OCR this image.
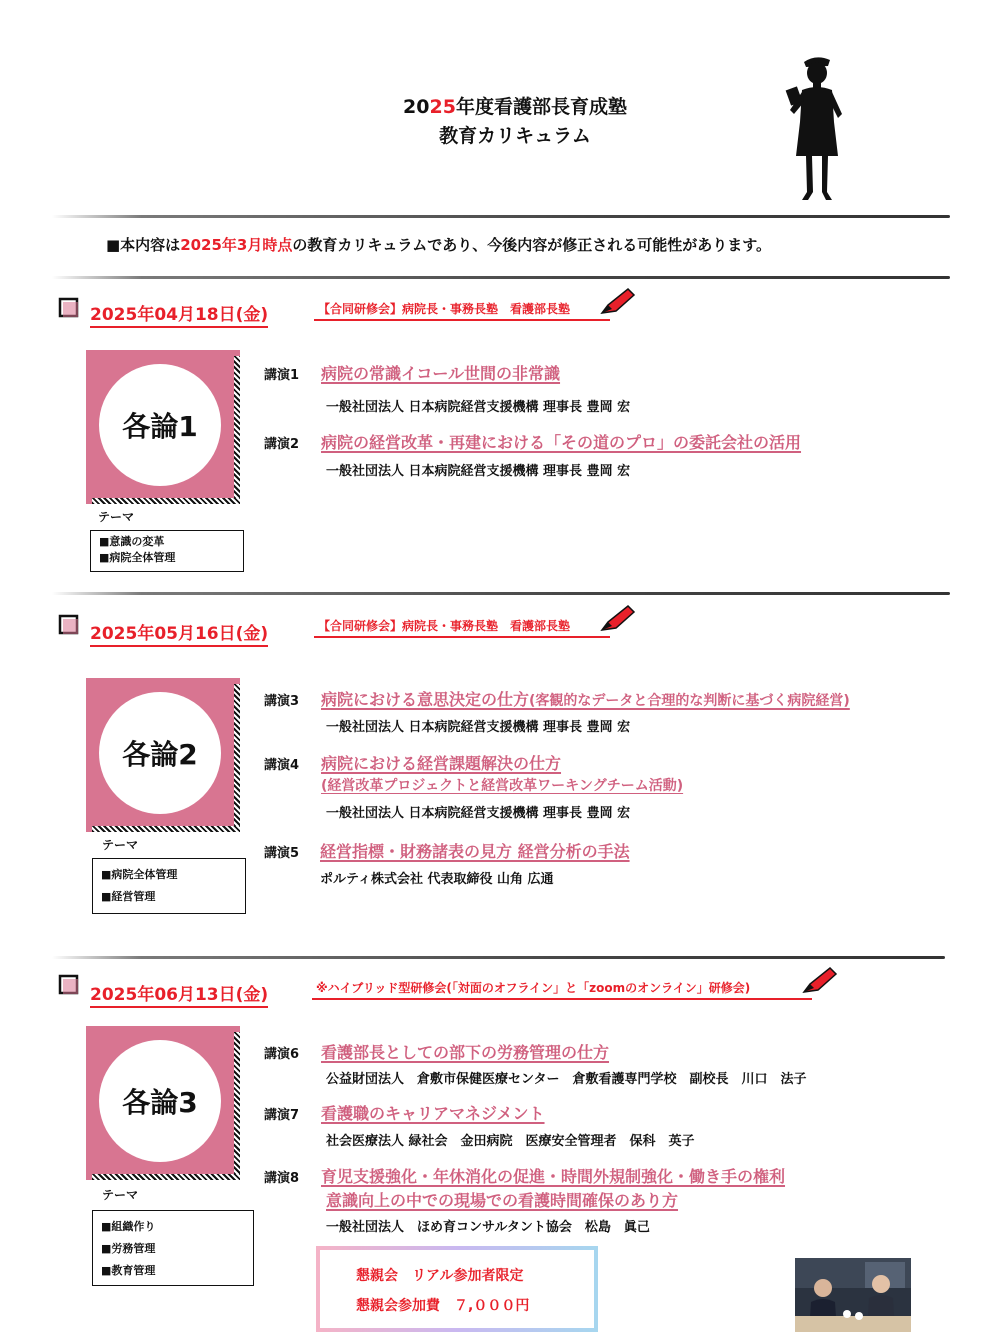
2025年度看護部長育成塾
教育カリキュラム
■本内容は2025年3月時点の教育カリキュラムであり、今後内容が修正される可能性があります。
2025年04月18日(金)	【合同研修会】病院長・事務長塾　看護部長塾
各論1
テーマ
■意識の変革
■病院全体管理
講演1 病院の常識イコール世間の非常識
一般社団法人 日本病院経営支援機構 理事長 豊岡 宏
講演2 病院の経営改革・再建における「その道のプロ」の委託会社の活用
一般社団法人 日本病院経営支援機構 理事長 豊岡 宏
2025年05月16日(金)	【合同研修会】病院長・事務長塾　看護部長塾
各論2
テーマ
■病院全体管理
■経営管理
講演3 病院における意思決定の仕方(客観的なデータと合理的な判断に基づく病院経営)
一般社団法人 日本病院経営支援機構 理事長 豊岡 宏
講演4 病院における経営課題解決の仕方
(経営改革プロジェクトと経営改革ワーキングチーム活動)
一般社団法人 日本病院経営支援機構 理事長 豊岡 宏
講演5 経営指標・財務諸表の見方 経営分析の手法
ポルティ株式会社 代表取締役 山角 広通
2025年06月13日(金)	※ハイブリッド型研修会(「対面のオフライン」と「zoomのオンライン」研修会)
各論3
テーマ
■組織作り
■労務管理
■教育管理
講演6 看護部長としての部下の労務管理の仕方
公益財団法人　倉敷市保健医療センター　倉敷看護専門学校　副校長　川口　法子
講演7 看護職のキャリアマネジメント
社会医療法人 緑社会　金田病院　医療安全管理者　保科　英子
講演8 育児支援強化・年休消化の促進・時間外規制強化・働き手の権利
意識向上の中での現場での看護時間確保のあり方
一般社団法人　ほめ育コンサルタント協会　松島　眞己
懇親会　リアル参加者限定
懇親会参加費　７,０００円
